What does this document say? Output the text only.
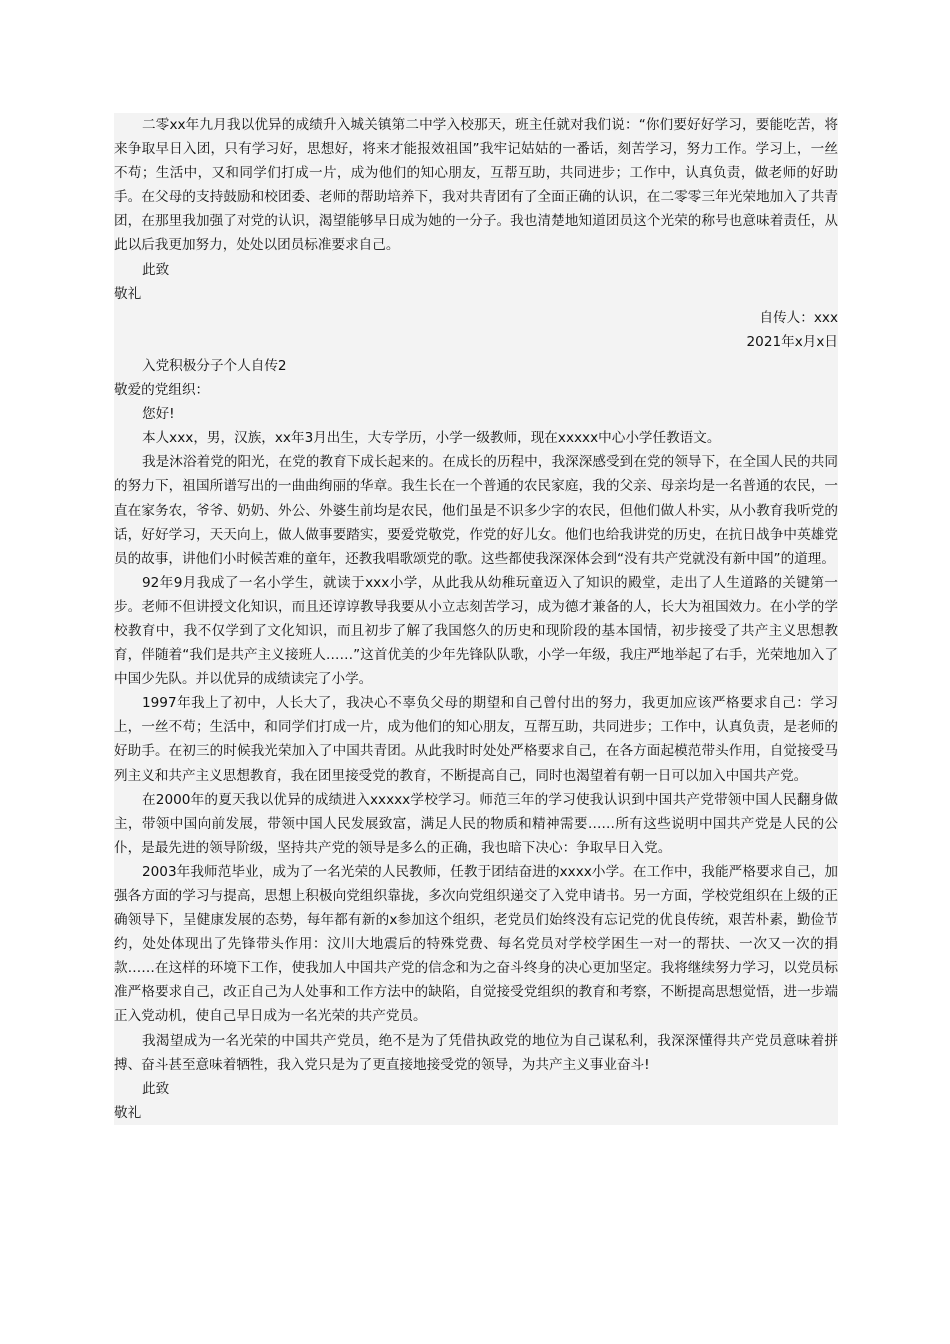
二零xx年九月我以优异的成绩升入城关镇第二中学入校那天，班主任就对我们说：“你们要好好学习，要能吃苦，将来争取早日入团，只有学习好，思想好，将来才能报效祖国”我牢记姑姑的一番话，刻苦学习，努力工作。学习上，一丝不苟；生活中，又和同学们打成一片，成为他们的知心朋友，互帮互助，共同进步；工作中，认真负责，做老师的好助手。在父母的支持鼓励和校团委、老师的帮助培养下，我对共青团有了全面正确的认识，在二零零三年光荣地加入了共青团，在那里我加强了对党的认识，渴望能够早日成为她的一分子。我也清楚地知道团员这个光荣的称号也意味着责任，从此以后我更加努力，处处以团员标准要求自己。

此致

敬礼

自传人：xxx

2021年x月x日

入党积极分子个人自传2

敬爱的党组织：

您好!

本人xxx，男，汉族，xx年3月出生，大专学历，小学一级教师，现在xxxxx中心小学任教语文。

我是沐浴着党的阳光，在党的教育下成长起来的。在成长的历程中，我深深感受到在党的领导下，在全国人民的共同的努力下，祖国所谱写出的一曲曲绚丽的华章。我生长在一个普通的农民家庭，我的父亲、母亲均是一名普通的农民，一直在家务农，爷爷、奶奶、外公、外婆生前均是农民，他们虽是不识多少字的农民，但他们做人朴实，从小教育我听党的话，好好学习，天天向上，做人做事要踏实，要爱党敬党，作党的好儿女。他们也给我讲党的历史，在抗日战争中英雄党员的故事，讲他们小时候苦难的童年，还教我唱歌颂党的歌。这些都使我深深体会到“没有共产党就没有新中国”的道理。

92年9月我成了一名小学生，就读于xxx小学，从此我从幼稚玩童迈入了知识的殿堂，走出了人生道路的关键第一步。老师不但讲授文化知识，而且还谆谆教导我要从小立志刻苦学习，成为德才兼备的人，长大为祖国效力。在小学的学校教育中，我不仅学到了文化知识，而且初步了解了我国悠久的历史和现阶段的基本国情，初步接受了共产主义思想教育，伴随着“我们是共产主义接班人……”这首优美的少年先锋队队歌，小学一年级，我庄严地举起了右手，光荣地加入了中国少先队。并以优异的成绩读完了小学。

1997年我上了初中，人长大了，我决心不辜负父母的期望和自己曾付出的努力，我更加应该严格要求自己：学习上，一丝不苟；生活中，和同学们打成一片，成为他们的知心朋友，互帮互助，共同进步；工作中，认真负责，是老师的好助手。在初三的时候我光荣加入了中国共青团。从此我时时处处严格要求自己，在各方面起模范带头作用，自觉接受马列主义和共产主义思想教育，我在团里接受党的教育，不断提高自己，同时也渴望着有朝一日可以加入中国共产党。

在2000年的夏天我以优异的成绩进入xxxxx学校学习。师范三年的学习使我认识到中国共产党带领中国人民翻身做主，带领中国向前发展，带领中国人民发展致富，满足人民的物质和精神需要……所有这些说明中国共产党是人民的公仆，是最先进的领导阶级，坚持共产党的领导是多么的正确，我也暗下决心：争取早日入党。

2003年我师范毕业，成为了一名光荣的人民教师，任教于团结奋进的xxxx小学。在工作中，我能严格要求自己，加强各方面的学习与提高，思想上积极向党组织靠拢，多次向党组织递交了入党申请书。另一方面，学校党组织在上级的正确领导下，呈健康发展的态势，每年都有新的x参加这个组织，老党员们始终没有忘记党的优良传统，艰苦朴素，勤俭节约，处处体现出了先锋带头作用：汶川大地震后的特殊党费、每名党员对学校学困生一对一的帮扶、一次又一次的捐款……在这样的环境下工作，使我加人中国共产党的信念和为之奋斗终身的决心更加坚定。我将继续努力学习，以党员标准严格要求自己，改正自己为人处事和工作方法中的缺陷，自觉接受党组织的教育和考察，不断提高思想觉悟，进一步端正入党动机，使自己早日成为一名光荣的共产党员。

我渴望成为一名光荣的中国共产党员，绝不是为了凭借执政党的地位为自己谋私利，我深深懂得共产党员意味着拼搏、奋斗甚至意味着牺牲，我入党只是为了更直接地接受党的领导，为共产主义事业奋斗!

此致

敬礼
